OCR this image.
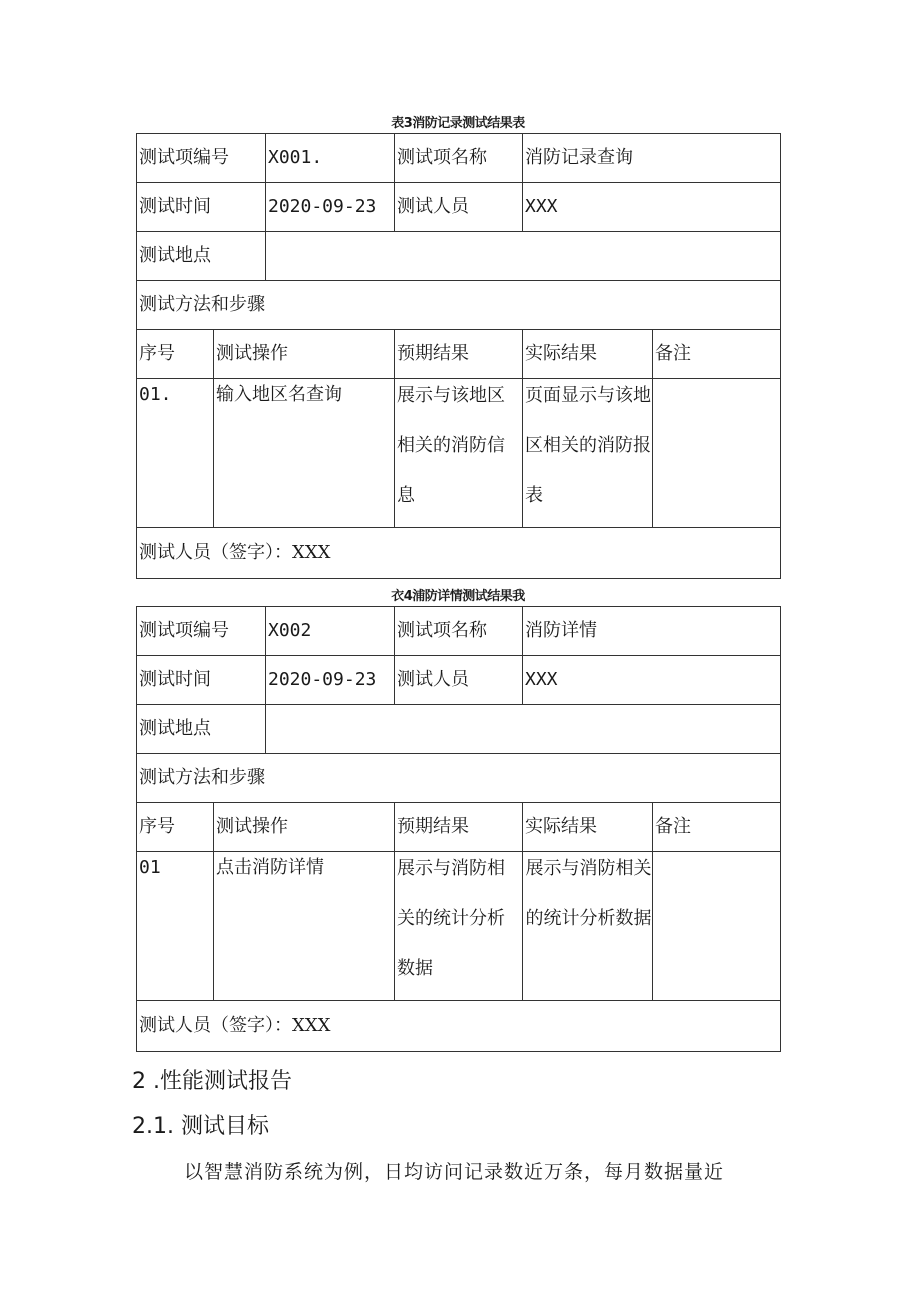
表3消防记录测试结果表
测试项编号		X001.	测试项名称	消防记录查询	
测试时间		2020-09-23	测试人员	XXX	
测试地点					
测试方法和步骤					
序号	测试操作		预期结果	实际结果	备注
01.	输入地区名查询		展示与该地区相关的消防信息	页面显示与该地区相关的消防报表	

测试人员（签字）：XXX					
衣4浦防详情测试结果我
测试项编号		X002	测试项名称	消防详情	
测试时间		2020-09-23	测试人员	XXX	
测试地点					
测试方法和步骤					
序号	测试操作		预期结果	实际结果	备注
01	点击消防详情		展示与消防相关的统计分析数据	展示与消防相关的统计分析数据	

测试人员（签字）：XXX					
2 .性能测试报告
2.1. 测试目标

以智慧消防系统为例，日均访问记录数近万条，每月数据量近
